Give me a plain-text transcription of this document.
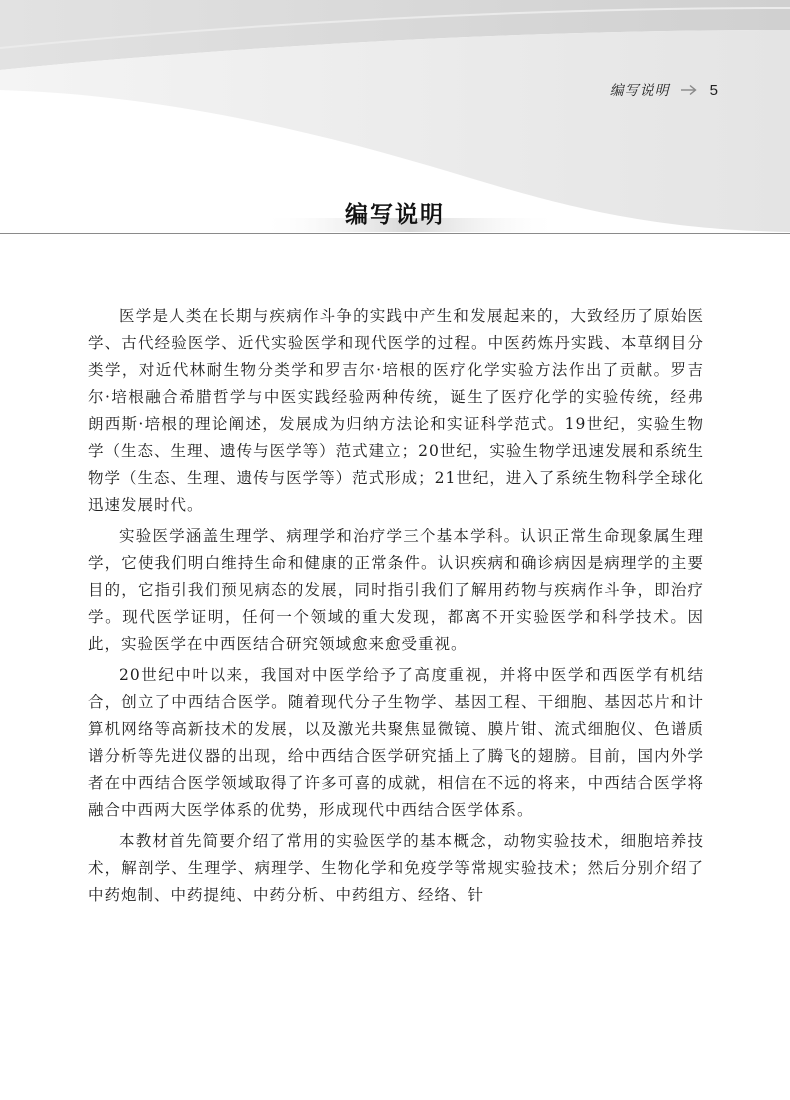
编写说明	5
编写说明

医学是人类在长期与疾病作斗争的实践中产生和发展起来的，大致经历了原始医学、古代经验医学、近代实验医学和现代医学的过程。中医药炼丹实践、本草纲目分类学，对近代林耐生物分类学和罗吉尔·培根的医疗化学实验方法作出了贡献。罗吉尔·培根融合希腊哲学与中医实践经验两种传统，诞生了医疗化学的实验传统，经弗朗西斯·培根的理论阐述，发展成为归纳方法论和实证科学范式。19世纪，实验生物学（生态、生理、遗传与医学等）范式建立；20世纪，实验生物学迅速发展和系统生物学（生态、生理、遗传与医学等）范式形成；21世纪，进入了系统生物科学全球化迅速发展时代。

实验医学涵盖生理学、病理学和治疗学三个基本学科。认识正常生命现象属生理学，它使我们明白维持生命和健康的正常条件。认识疾病和确诊病因是病理学的主要目的，它指引我们预见病态的发展，同时指引我们了解用药物与疾病作斗争，即治疗学。现代医学证明，任何一个领域的重大发现，都离不开实验医学和科学技术。因此，实验医学在中西医结合研究领域愈来愈受重视。

20世纪中叶以来，我国对中医学给予了高度重视，并将中医学和西医学有机结合，创立了中西结合医学。随着现代分子生物学、基因工程、干细胞、基因芯片和计算机网络等高新技术的发展，以及激光共聚焦显微镜、膜片钳、流式细胞仪、色谱质谱分析等先进仪器的出现，给中西结合医学研究插上了腾飞的翅膀。目前，国内外学者在中西结合医学领域取得了许多可喜的成就，相信在不远的将来，中西结合医学将融合中西两大医学体系的优势，形成现代中西结合医学体系。

本教材首先简要介绍了常用的实验医学的基本概念，动物实验技术，细胞培养技术，解剖学、生理学、病理学、生物化学和免疫学等常规实验技术；然后分别介绍了中药炮制、中药提纯、中药分析、中药组方、经络、针
